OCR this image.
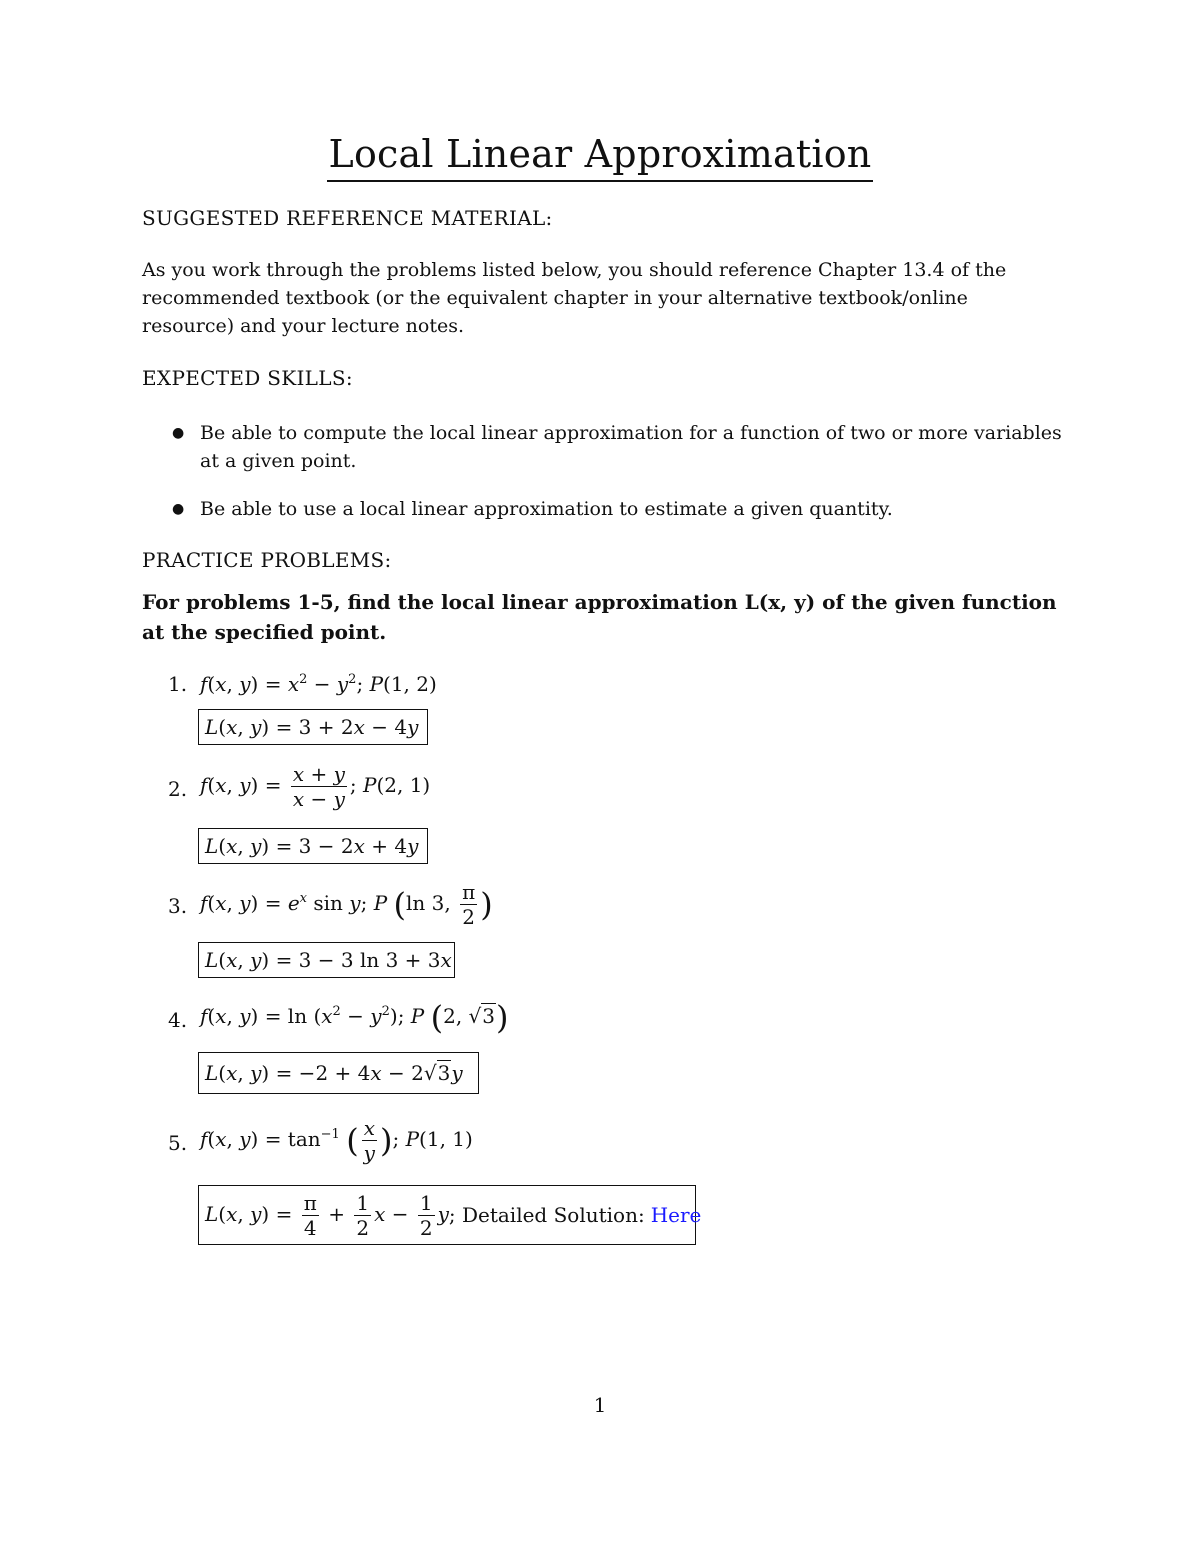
Local Linear Approximation
SUGGESTED REFERENCE MATERIAL:
As you work through the problems listed below, you should reference Chapter 13.4 of the recommended textbook (or the equivalent chapter in your alternative textbook/online resource) and your lecture notes.
EXPECTED SKILLS:
● Be able to compute the local linear approximation for a function of two or more variables at a given point.
● Be able to use a local linear approximation to estimate a given quantity.
PRACTICE PROBLEMS:
For problems 1-5, find the local linear approximation L(x, y) of the given function at the specified point.
1. f(x, $y) = x^2 - y^2$; P(1, 2)
L(x, y) = 3 + 2x − 4y
2. f(x, $y) = \frac{x + y}{x - y}$ ; P(2, 1)
L(x, y) = 3 − 2x + 4y
3. f(x, $y) = e^x$ sin y; P (ln 3, $\frac{\pi}{2}$ )
L(x, y) = 3 − 3 ln 3 + 3x
4. f(x, $y) = \ln (x^2 - y^2)$; P (2, √3)
L(x, y) = −2 + 4x − 2√3y
5. f(x, $y) = \tan^{-1}$ ( $\frac{x}{y}$ ); P(1, 1)
L(x, $y) = \frac{\pi}{4} + \frac{1}{2}$ $x - \frac{1}{2}$ y ; Detailed Solution: Here
1
